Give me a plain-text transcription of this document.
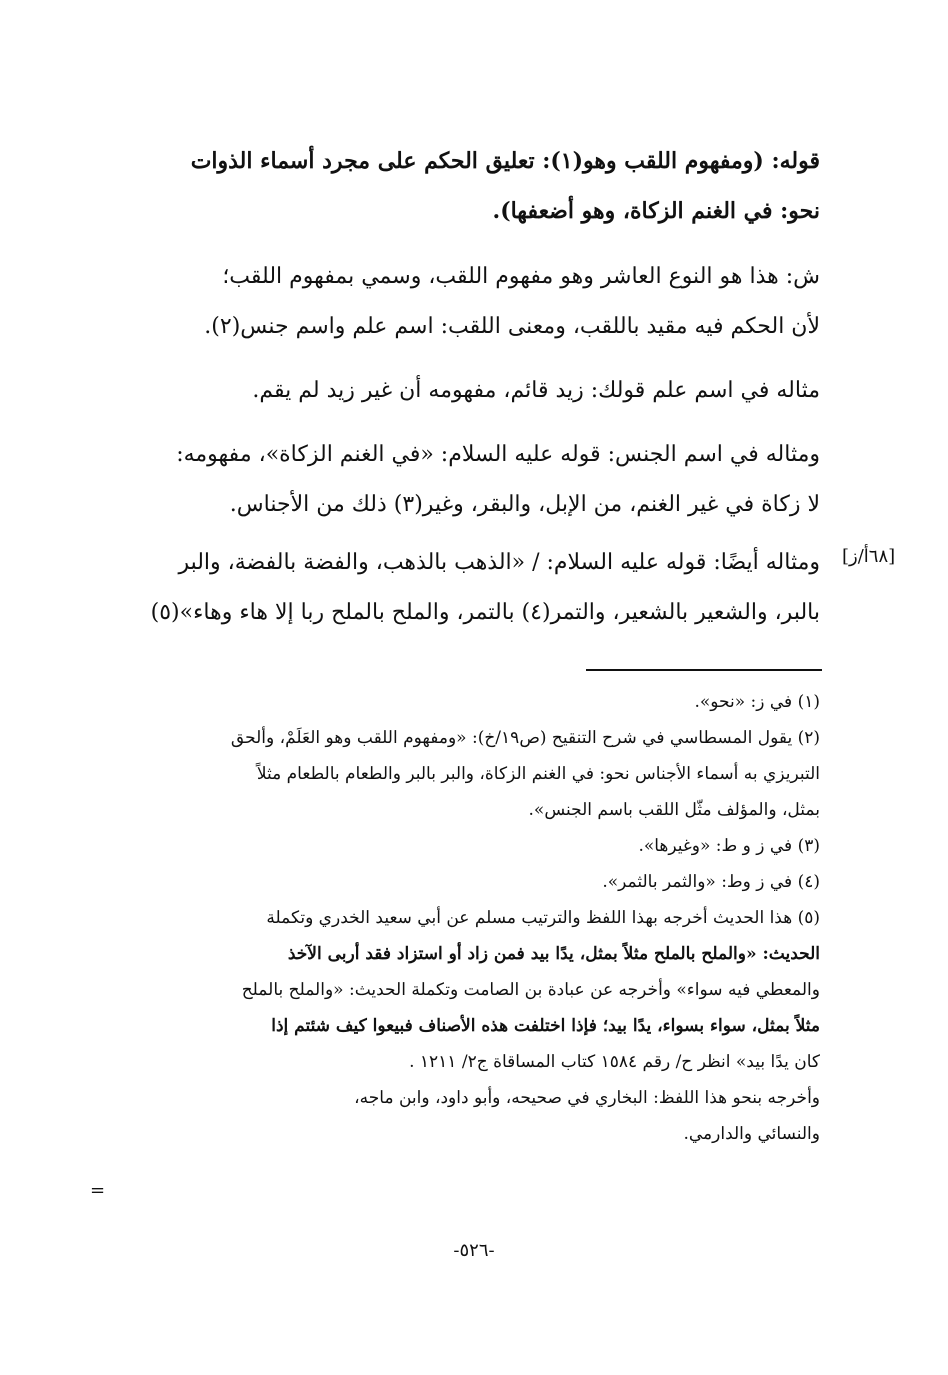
قوله: (ومفهوم اللقب وهو(١): تعليق الحكم على مجرد أسماء الذوات
نحو: في الغنم الزكاة، وهو أضعفها).
ش: هذا هو النوع العاشر وهو مفهوم اللقب، وسمي بمفهوم اللقب؛
لأن الحكم فيه مقيد باللقب، ومعنى اللقب: اسم علم واسم جنس(٢).
مثاله في اسم علم قولك: زيد قائم، مفهومه أن غير زيد لم يقم.
ومثاله في اسم الجنس: قوله عليه السلام: «في الغنم الزكاة»، مفهومه:
لا زكاة في غير الغنم، من الإبل، والبقر، وغير(٣) ذلك من الأجناس.
ومثاله أيضًا: قوله عليه السلام: / «الذهب بالذهب، والفضة بالفضة، والبر
بالبر، والشعير بالشعير، والتمر(٤) بالتمر، والملح بالملح ربا إلا هاء وهاء»(٥)
[٦٨أ/ز]
(١) في ز: «نحو».
(٢) يقول المسطاسي في شرح التنقيح (ص١٩/خ): «ومفهوم اللقب وهو العَلَمْ، وألحق
التبريزي به أسماء الأجناس نحو: في الغنم الزكاة، والبر بالبر والطعام بالطعام مثلاً
بمثل، والمؤلف مثّل اللقب باسم الجنس».
(٣) في ز و ط: «وغيرها».
(٤) في ز وط: «والثمر بالثمر».
(٥) هذا الحديث أخرجه بهذا اللفظ والترتيب مسلم عن أبي سعيد الخدري وتكملة
الحديث: «والملح بالملح مثلاً بمثل، يدًا بيد فمن زاد أو استزاد فقد أربى الآخذ
والمعطي فيه سواء» وأخرجه عن عبادة بن الصامت وتكملة الحديث: «والملح بالملح
مثلاً بمثل، سواء بسواء، يدًا بيد؛ فإذا اختلفت هذه الأصناف فبيعوا كيف شئتم إذا
كان يدًا بيد» انظر ح/ رقم ١٥٨٤ كتاب المساقاة ج٢/ ١٢١١ .
وأخرجه بنحو هذا اللفظ: البخاري في صحيحه، وأبو داود، وابن ماجه،
والنسائي والدارمي.
=
-٥٢٦-
